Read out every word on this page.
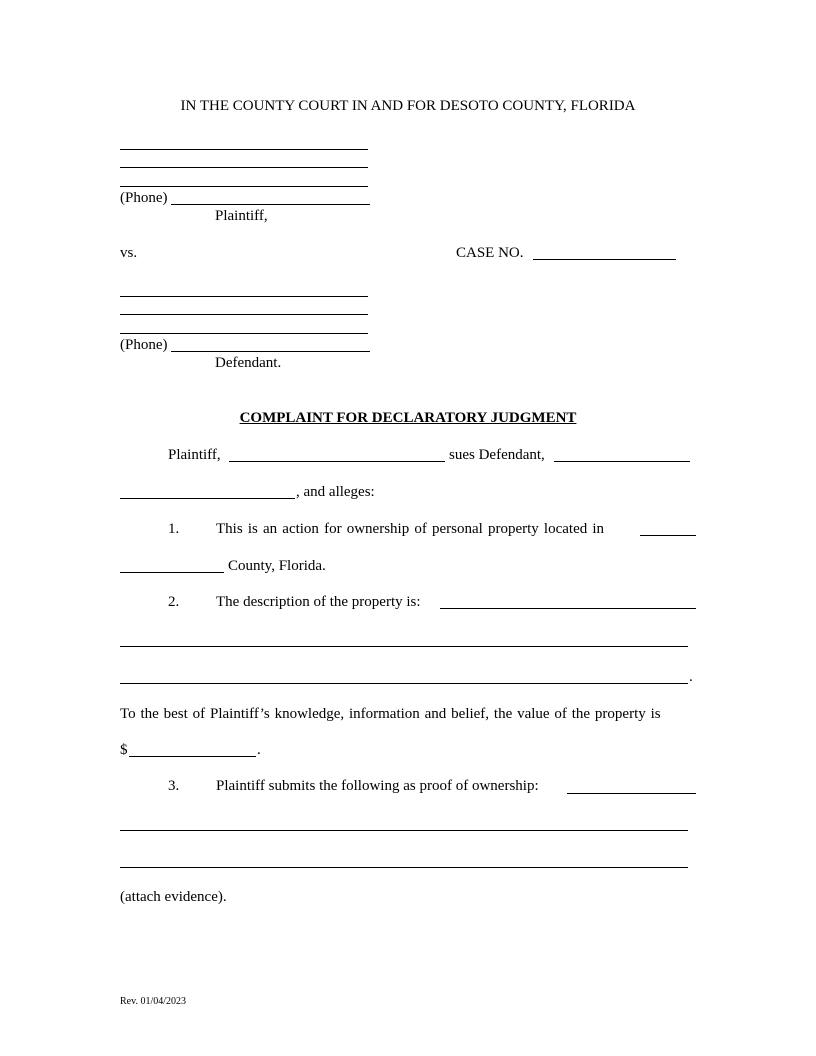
IN THE COUNTY COURT IN AND FOR DESOTO COUNTY, FLORIDA
(Phone)
Plaintiff,
vs.	CASE NO.
(Phone)
Defendant.
COMPLAINT FOR DECLARATORY JUDGMENT
Plaintiff,	sues Defendant,
, and alleges:
1. This is an action for ownership of personal property located in
County, Florida.
2. The description of the property is:
.
To the best of Plaintiff’s knowledge, information and belief, the value of the property is
$	.
3. Plaintiff submits the following as proof of ownership:
(attach evidence).
Rev. 01/04/2023
